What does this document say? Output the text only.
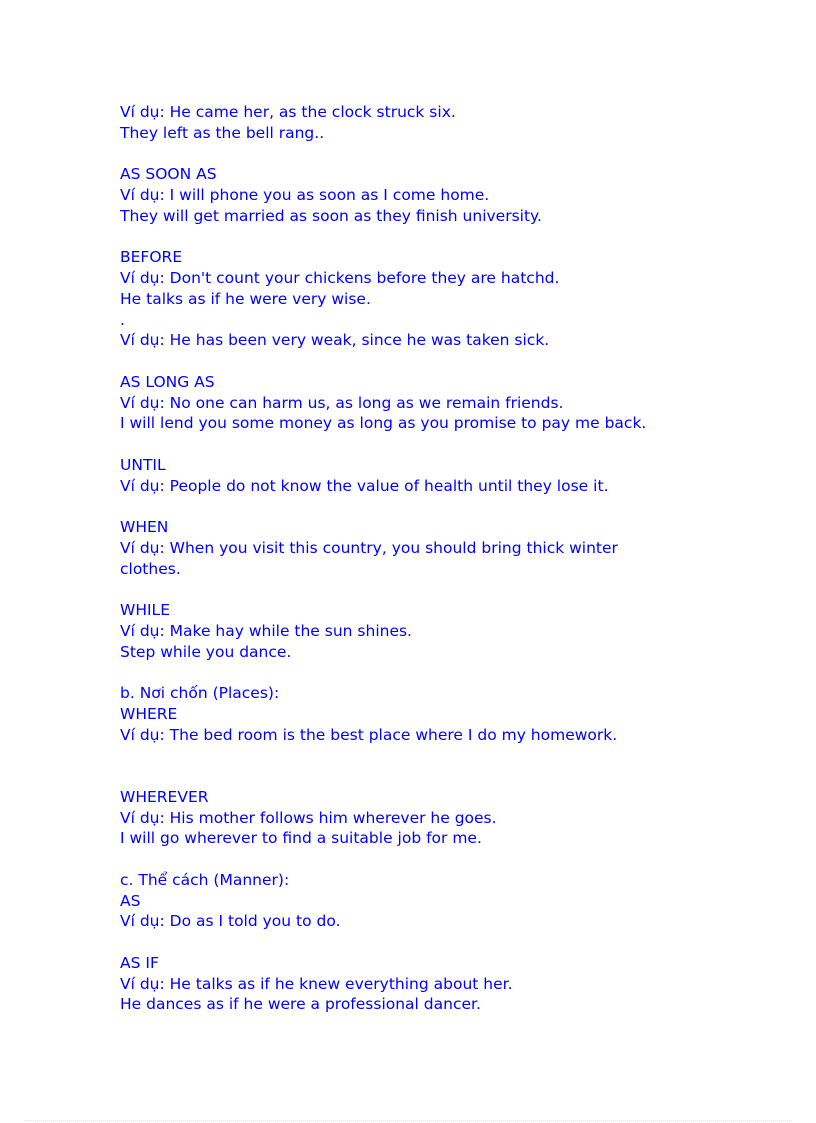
Ví dụ: He came her, as the clock struck six.
They left as the bell rang..
AS SOON AS
Ví dụ: I will phone you as soon as I come home.
They will get married as soon as they finish university.
BEFORE
Ví dụ: Don't count your chickens before they are hatchd.
He talks as if he were very wise.
.
Ví dụ: He has been very weak, since he was taken sick.
AS LONG AS
Ví dụ: No one can harm us, as long as we remain friends.
I will lend you some money as long as you promise to pay me back.
UNTIL
Ví dụ: People do not know the value of health until they lose it.
WHEN
Ví dụ: When you visit this country, you should bring thick winter
clothes.
WHILE
Ví dụ: Make hay while the sun shines.
Step while you dance.
b. Nơi chốn (Places):
WHERE
Ví dụ: The bed room is the best place where I do my homework.
WHEREVER
Ví dụ: His mother follows him wherever he goes.
I will go wherever to find a suitable job for me.
c. Thể cách (Manner):
AS
Ví dụ: Do as I told you to do.
AS IF
Ví dụ: He talks as if he knew everything about her.
He dances as if he were a professional dancer.
